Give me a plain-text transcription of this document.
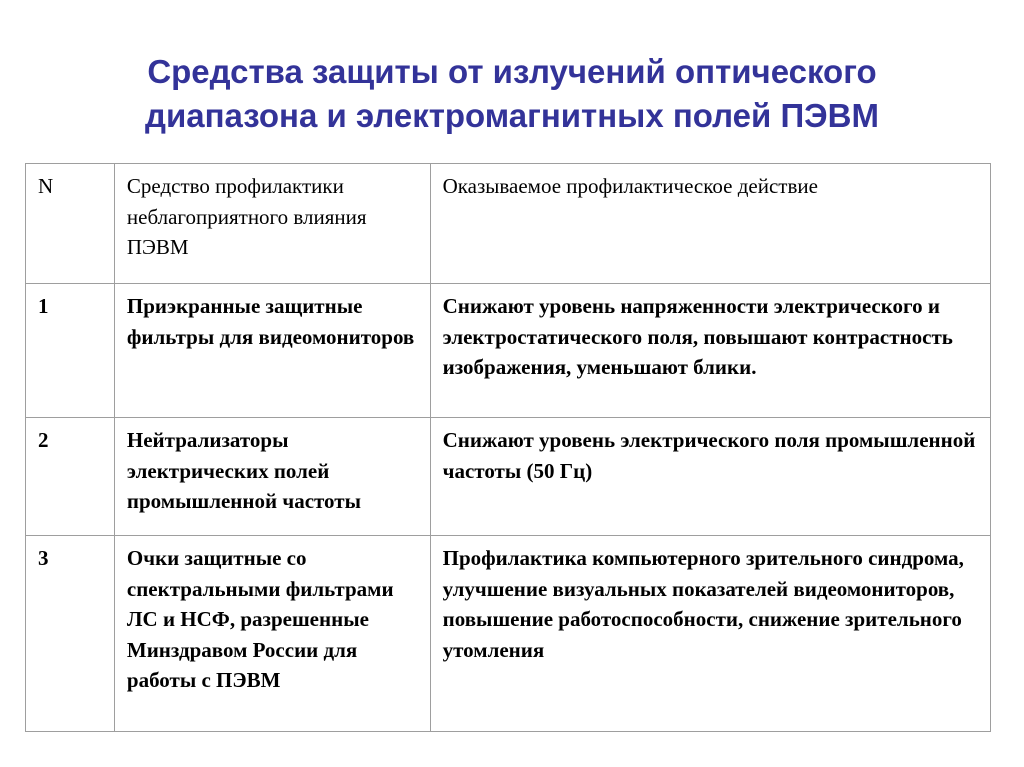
Средства защиты от излучений оптического
диапазона и электромагнитных полей ПЭВМ
N	Средство профилактики неблагоприятного влияния ПЭВМ	Оказываемое профилактическое действие
1	Приэкранные защитные фильтры для видеомониторов	Снижают уровень напряженности электрического и электростатического поля, повышают контрастность изображения, уменьшают блики.
2	Нейтрализаторы электрических полей промышленной частоты	Снижают уровень электрического поля промышленной частоты (50 Гц)
3	Очки защитные со спектральными фильтрами ЛС и НСФ, разрешенные Минздравом России для работы с ПЭВМ	Профилактика компьютерного зрительного синдрома, улучшение визуальных показателей видеомониторов, повышение работоспособности, снижение зрительного утомления
